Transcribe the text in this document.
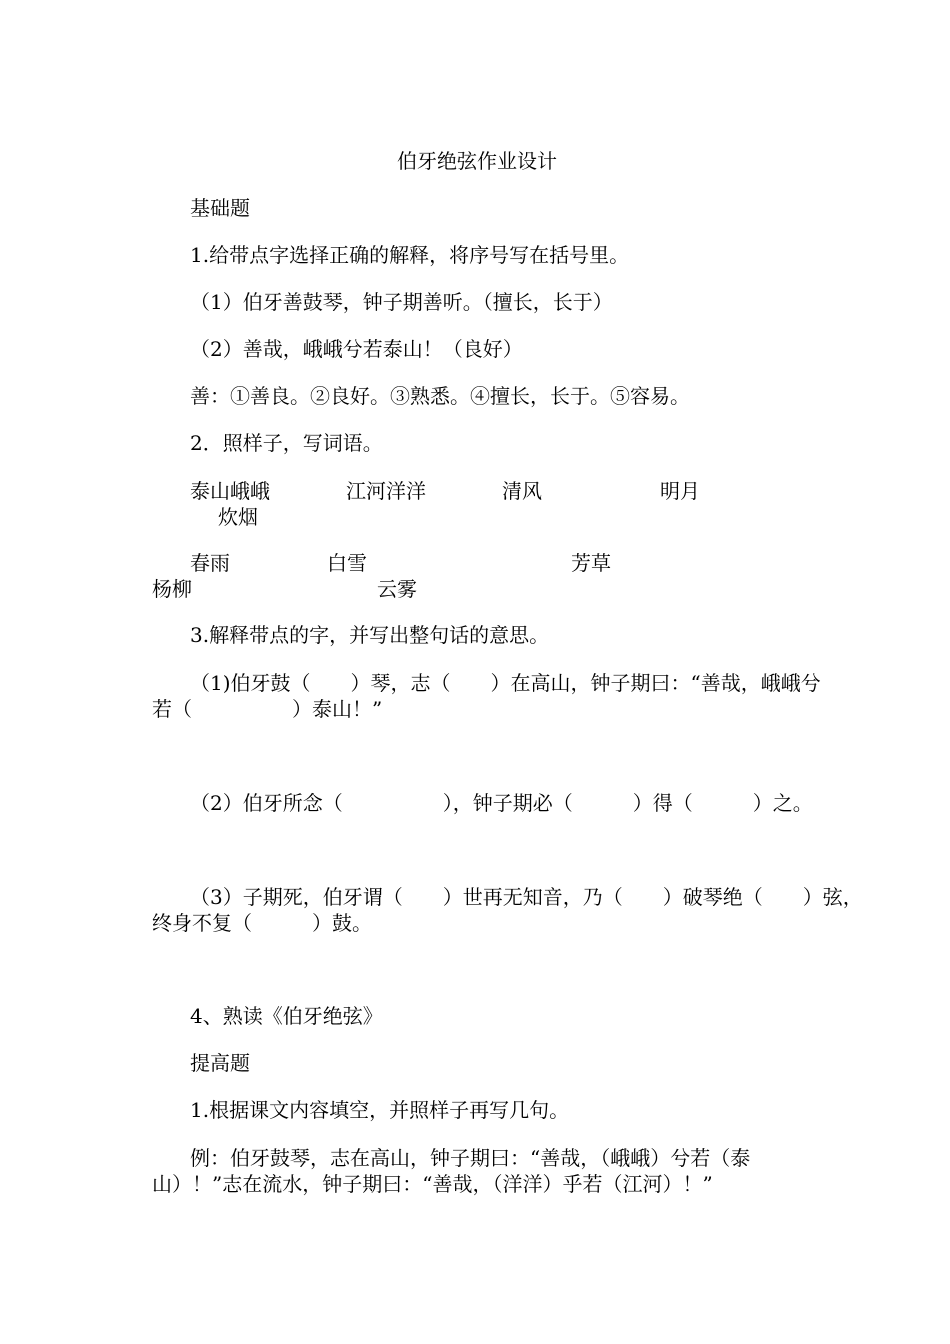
伯牙绝弦作业设计
基础题
1.给带点字选择正确的解释，将序号写在括号里。
（1）伯牙善鼓琴，钟子期善听。（擅长，长于）
（2）善哉，峨峨兮若泰山！（良好）
善：①善良。②良好。③熟悉。④擅长，长于。⑤容易。
2．照样子，写词语。
泰山峨峨	江河洋洋	清风	明月
炊烟
春雨	白雪	芳草
杨柳	云雾
3.解释带点的字，并写出整句话的意思。
（1)伯牙鼓（　　）琴，志（　　）在高山，钟子期曰：“善哉，峨峨兮
若（　　　　　）泰山！”
（2）伯牙所念（　　　　　），钟子期必（　　　）得（　　　）之。
（3）子期死，伯牙谓（　　）世再无知音，乃（　　）破琴绝（　　）弦，
终身不复（　　　）鼓。
4、熟读《伯牙绝弦》
提高题
1.根据课文内容填空，并照样子再写几句。
例：伯牙鼓琴，志在高山，钟子期曰：“善哉，（峨峨）兮若（泰
山）！”志在流水，钟子期曰：“善哉，（洋洋）乎若（江河）！”
